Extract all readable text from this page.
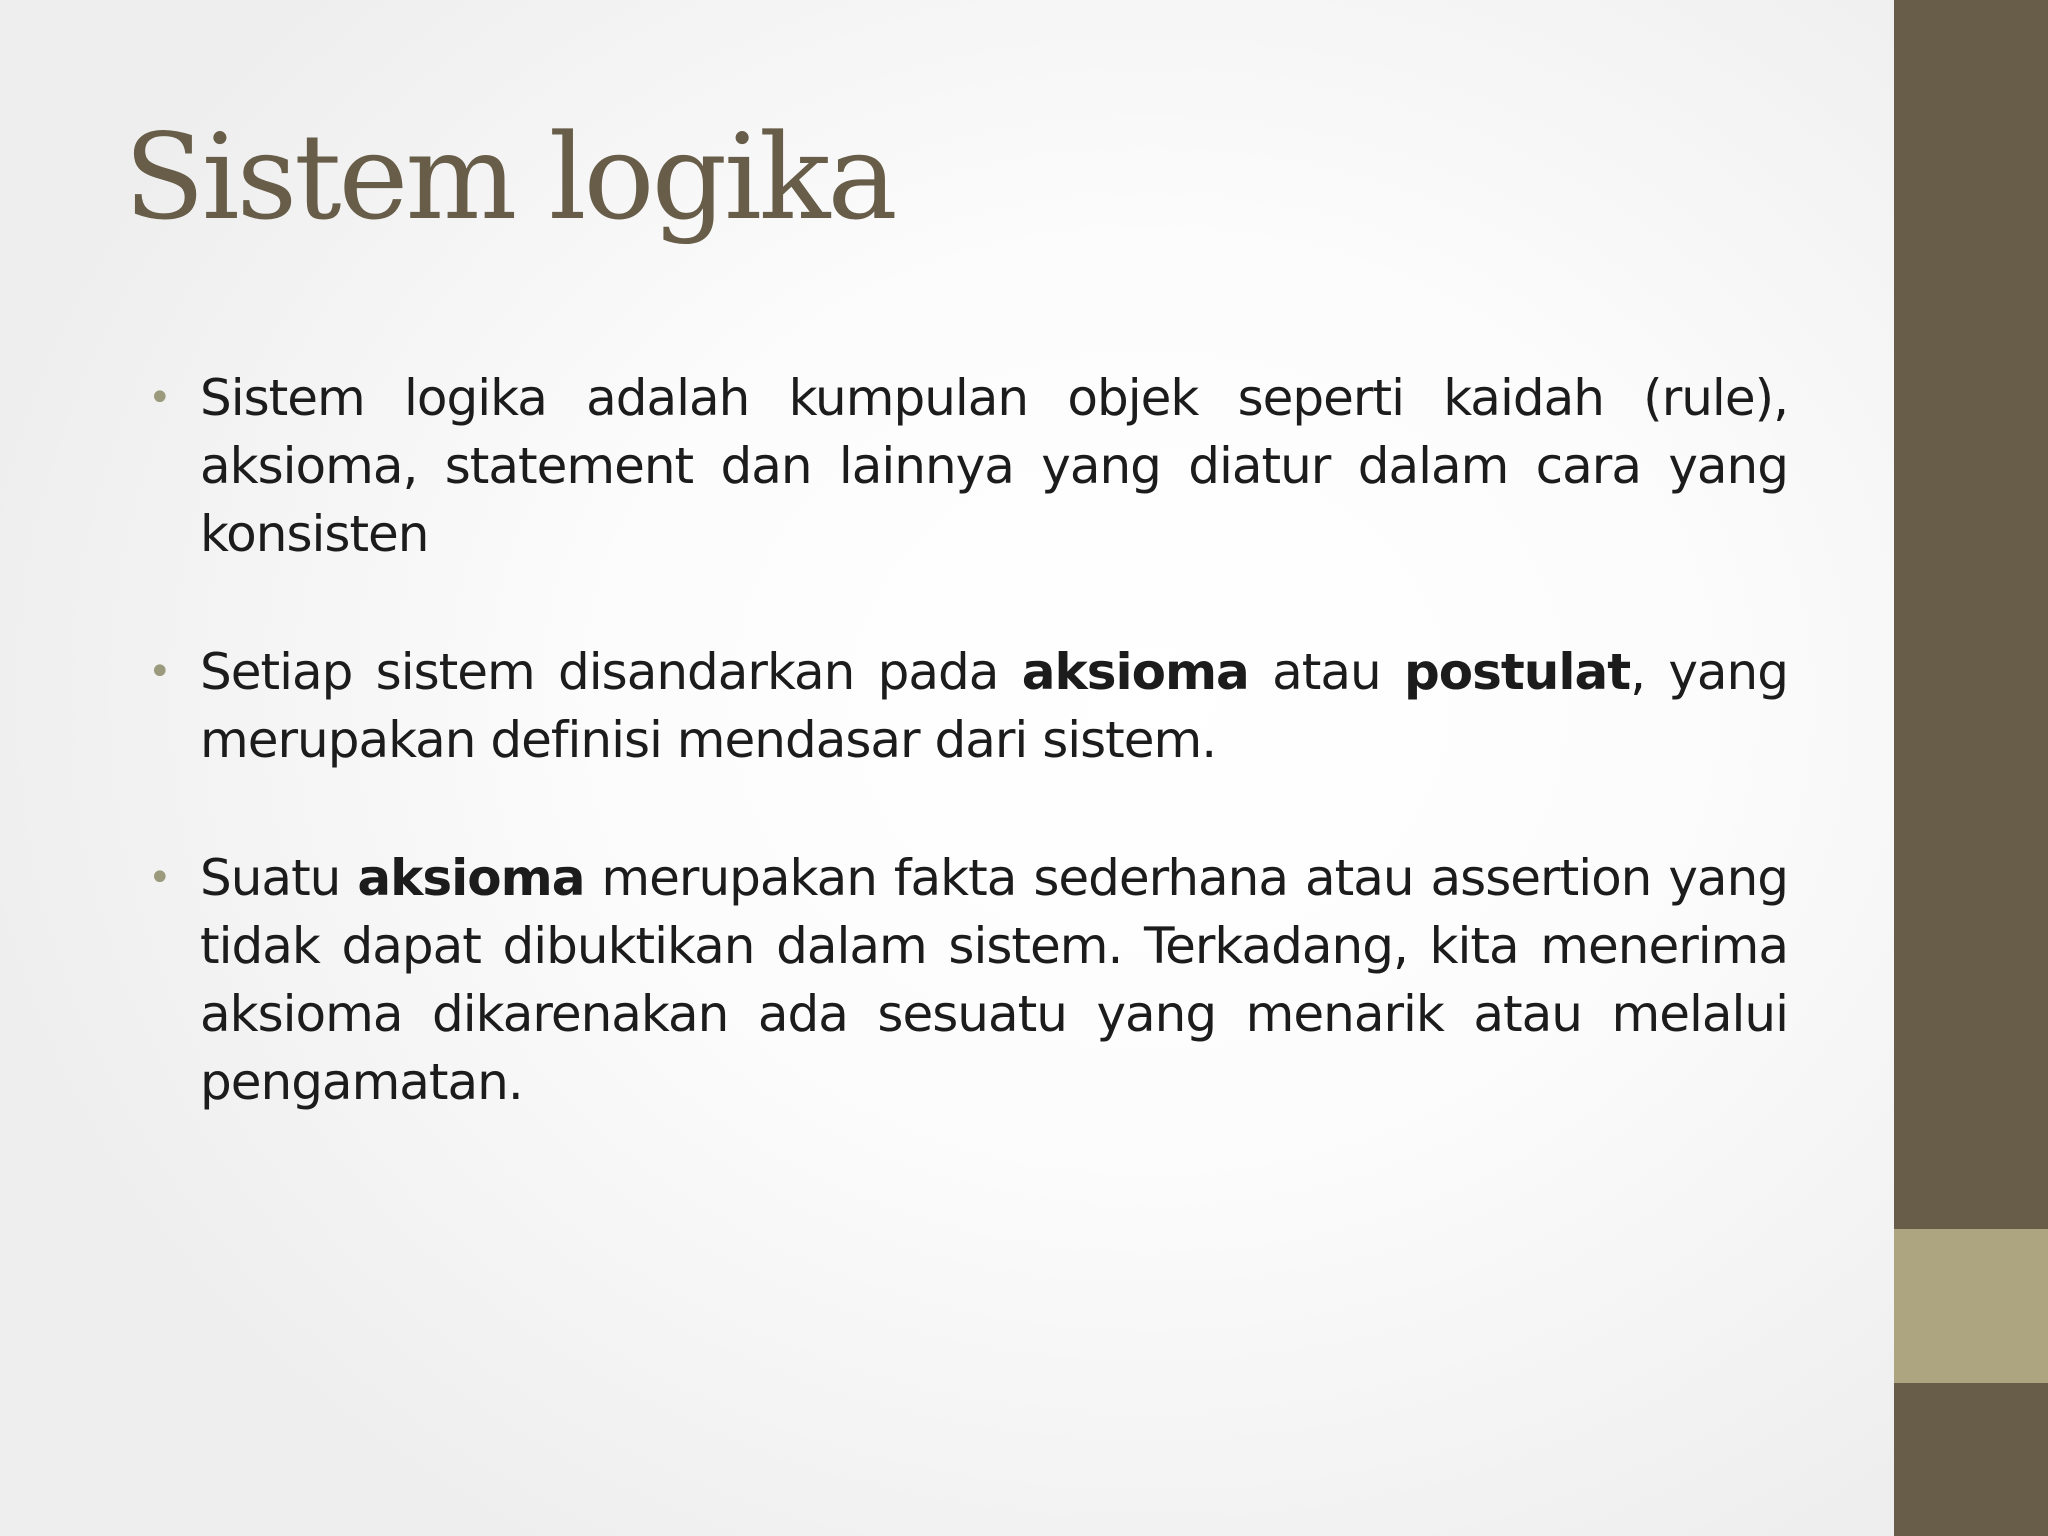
Sistem logika
• Sistem logika adalah kumpulan objek seperti kaidah (rule), aksioma, statement dan lainnya yang diatur dalam cara yang konsisten
• Setiap sistem disandarkan pada aksioma atau postulat, yang merupakan definisi mendasar dari sistem.
• Suatu aksioma merupakan fakta sederhana atau assertion yang tidak dapat dibuktikan dalam sistem. Terkadang, kita menerima aksioma dikarenakan ada sesuatu yang menarik atau melalui pengamatan.
